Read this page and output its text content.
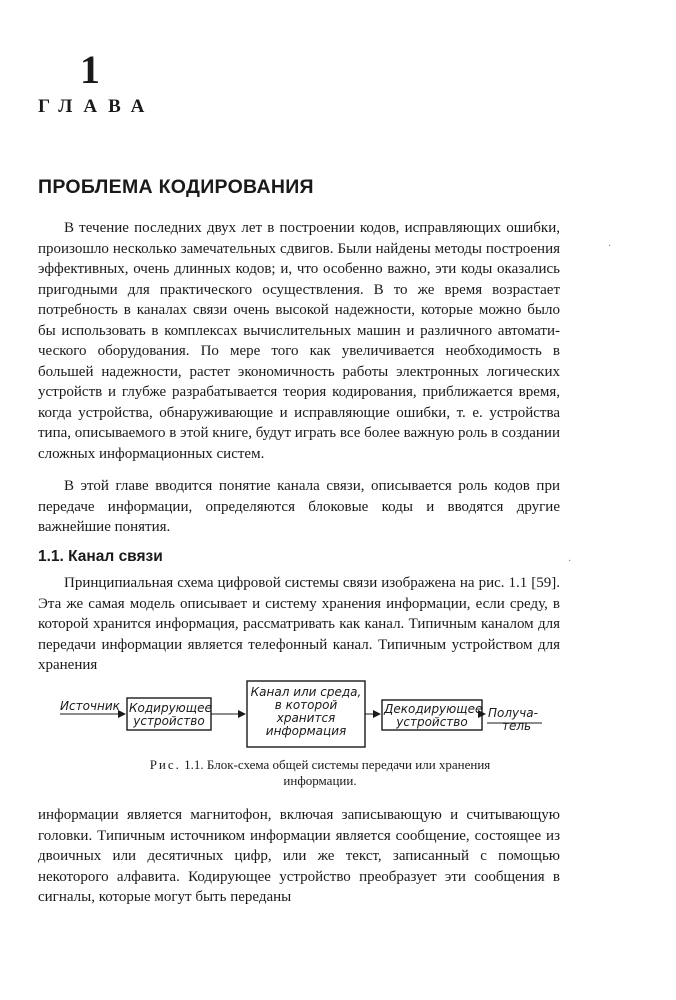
1
ГЛАВА
ПРОБЛЕМА КОДИРОВАНИЯ
·

В течение последних двух лет в построении кодов, исправляющих ошибки, произошло несколько замечательных сдвигов. Были найдены методы построения эффективных, очень длинных кодов; и, что особенно важно, эти коды оказались пригодными для практического осуществления. В то же время возрастает потребность в каналах связи очень высокой надежности, которые можно было бы использовать в комплексах вычислительных машин и различного автоматического оборудования. По мере того как увеличивается необходимость в большей надежности, растет экономичность работы электронных логических устройств и глубже разрабатывается теория кодирования, приближается время, когда устройства, обнаруживающие и исправляющие ошибки, т. е. устройства типа, описываемого в этой книге, будут играть все более важную роль в создании сложных информационных систем.

В этой главе вводится понятие канала связи, описывается роль кодов при передаче информации, определяются блоковые коды и вводятся другие важнейшие понятия.

1.1. Канал связи	·

Принципиальная схема цифровой системы связи изображена на рис. 1.1 [59]. Эта же самая модель описывает и систему хранения информации, если среду, в которой хранится информация, рассматривать как канал. Типичным каналом для передачи информации является телефонный канал. Типичным устройством для хранения

Источник Кодирующее
устройство
Канал или среда,
в которой
хранится
информация
Декодирующее
устройство
Получа-
тель
Рис. 1.1. Блок-схема общей системы передачи или хранения
информации.

информации является магнитофон, включая записывающую и считывающую головки. Типичным источником информации является сообщение, состоящее из двоичных или десятичных цифр, или же текст, записанный с помощью некоторого алфавита. Кодирующее устройство преобразует эти сообщения в сигналы, которые могут быть переданы
